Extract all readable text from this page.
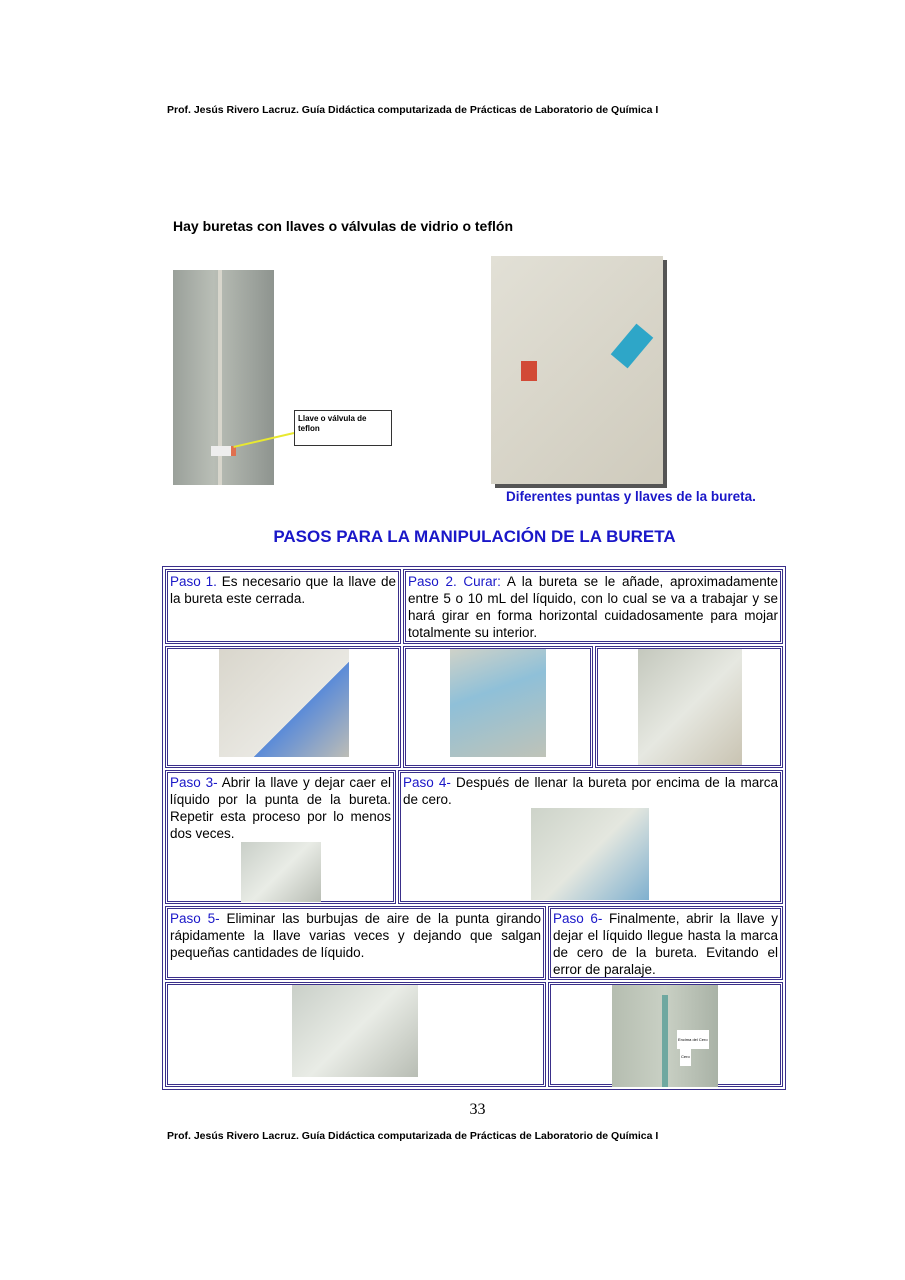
Prof. Jesús Rivero Lacruz. Guía Didáctica computarizada de Prácticas de Laboratorio de Química I
Hay buretas con llaves o válvulas de vidrio o teflón
Llave o válvula de teflon
Diferentes puntas y llaves de la bureta.
PASOS PARA LA MANIPULACIÓN DE LA BURETA
Paso 1. Es necesario que la llave de la bureta este cerrada.
Paso 2. Curar: A la bureta se le añade, aproximadamente entre 5 o 10 mL del líquido, con lo cual se va a trabajar y se hará girar en forma horizontal cuidadosamente para mojar totalmente su interior.
Paso 3- Abrir la llave y dejar caer el líquido por la punta de la bureta. Repetir esta proceso por lo menos dos veces.
Paso 4- Después de llenar la bureta por encima de la marca de cero.
Paso 5- Eliminar las burbujas de aire de la punta girando rápidamente la llave varias veces y dejando que salgan pequeñas cantidades de líquido.
Paso 6- Finalmente, abrir la llave y dejar el líquido llegue hasta la marca de cero de la bureta. Evitando el error de paralaje.
Encima del Cero
Cero
33
Prof. Jesús Rivero Lacruz. Guía Didáctica computarizada de Prácticas de Laboratorio de Química I
